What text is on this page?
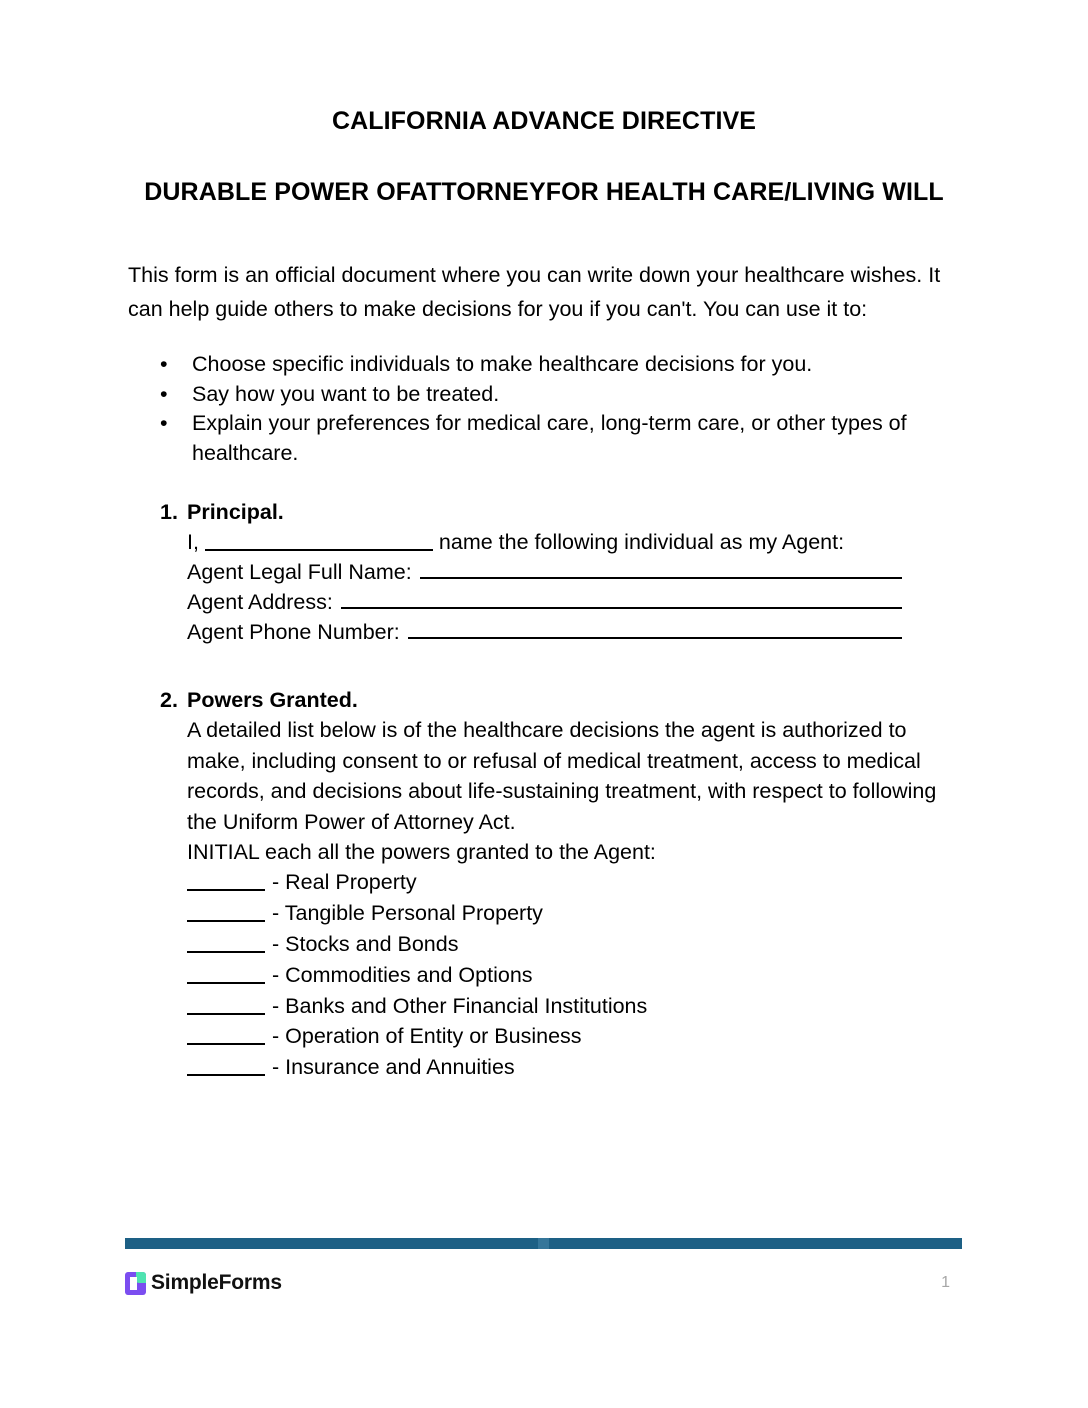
CALIFORNIA ADVANCE DIRECTIVE
DURABLE POWER OFATTORNEYFOR HEALTH CARE/LIVING WILL

This form is an official document where you can write down your healthcare wishes. It can help guide others to make decisions for you if you can't. You can use it to:

• Choose specific individuals to make healthcare decisions for you.
• Say how you want to be treated.
• Explain your preferences for medical care, long-term care, or other types of healthcare.
1. Principal.

I,	name the following individual as my Agent:

Agent Legal Full Name:
Agent Address:
Agent Phone Number:
2. Powers Granted.

A detailed list below is of the healthcare decisions the agent is authorized to make, including consent to or refusal of medical treatment, access to medical records, and decisions about life-sustaining treatment, with respect to following the Uniform Power of Attorney Act.

INITIAL each all the powers granted to the Agent:

- Real Property
- Tangible Personal Property
- Stocks and Bonds
- Commodities and Options
- Banks and Other Financial Institutions
- Operation of Entity or Business
- Insurance and Annuities
SimpleForms	1
